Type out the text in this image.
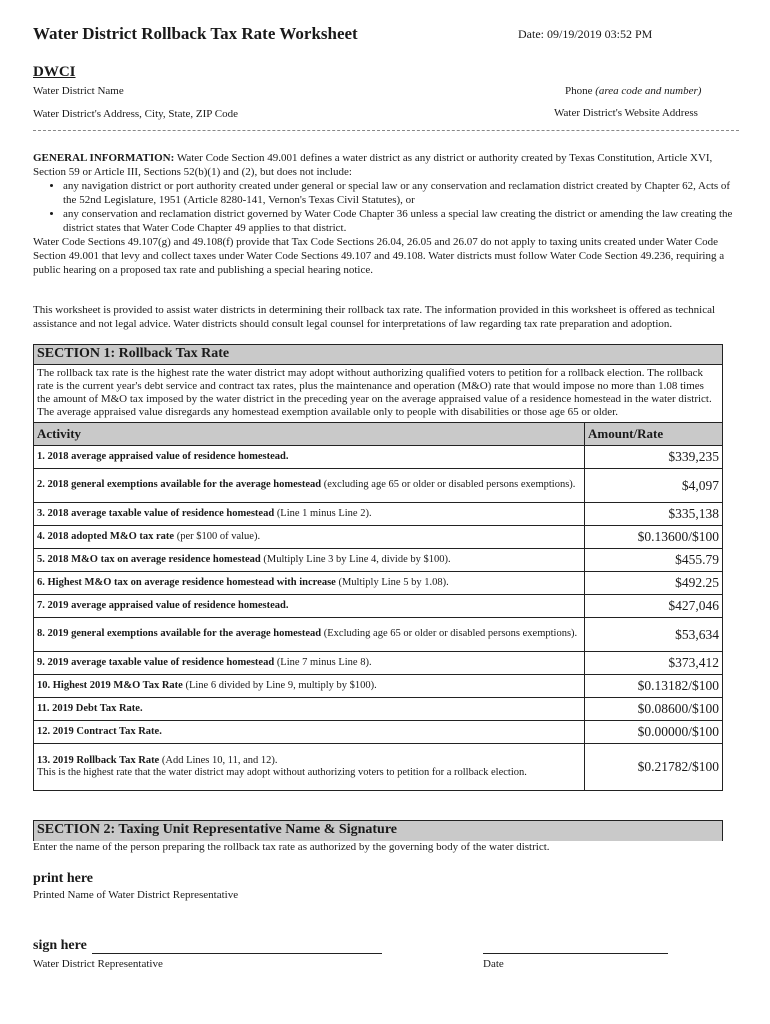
Water District Rollback Tax Rate Worksheet	Date: 09/19/2019 03:52 PM
DWCI
Water District Name	Phone (area code and number)
Water District's Address, City, State, ZIP Code	Water District's Website Address

GENERAL INFORMATION: Water Code Section 49.001 defines a water district as any district or authority created by Texas Constitution, Article XVI, Section 59 or Article III, Sections 52(b)(1) and (2), but does not include:

• any navigation district or port authority created under general or special law or any conservation and reclamation district created by Chapter 62, Acts of the 52nd Legislature, 1951 (Article 8280-141, Vernon's Texas Civil Statutes), or
• any conservation and reclamation district governed by Water Code Chapter 36 unless a special law creating the district or amending the law creating the district states that Water Code Chapter 49 applies to that district.

Water Code Sections 49.107(g) and 49.108(f) provide that Tax Code Sections 26.04, 26.05 and 26.07 do not apply to taxing units created under Water Code Section 49.001 that levy and collect taxes under Water Code Sections 49.107 and 49.108. Water districts must follow Water Code Section 49.236, requiring a public hearing on a proposed tax rate and publishing a special hearing notice.

This worksheet is provided to assist water districts in determining their rollback tax rate. The information provided in this worksheet is offered as technical assistance and not legal advice. Water districts should consult legal counsel for interpretations of law regarding tax rate preparation and adoption.
SECTION 1: Rollback Tax Rate
The rollback tax rate is the highest rate the water district may adopt without authorizing qualified voters to petition for a rollback election. The rollback rate is the current year's debt service and contract tax rates, plus the maintenance and operation (M&O) rate that would impose no more than 1.08 times the amount of M&O tax imposed by the water district in the preceding year on the average appraised value of a residence homestead in the water district. The average appraised value disregards any homestead exemption available only to people with disabilities or those age 65 or older.
Activity	Amount/Rate
1. 2018 average appraised value of residence homestead.	$339,235
2. 2018 general exemptions available for the average homestead (excluding age 65 or older or disabled persons exemptions).	$4,097
3. 2018 average taxable value of residence homestead (Line 1 minus Line 2).	$335,138
4. 2018 adopted M&O tax rate (per $100 of value).	$0.13600/$100
5. 2018 M&O tax on average residence homestead (Multiply Line 3 by Line 4, divide by $100).	$455.79
6. Highest M&O tax on average residence homestead with increase (Multiply Line 5 by 1.08).	$492.25
7. 2019 average appraised value of residence homestead.	$427,046
8. 2019 general exemptions available for the average homestead (Excluding age 65 or older or disabled persons exemptions).	$53,634
9. 2019 average taxable value of residence homestead (Line 7 minus Line 8).	$373,412
10. Highest 2019 M&O Tax Rate (Line 6 divided by Line 9, multiply by $100).	$0.13182/$100
11. 2019 Debt Tax Rate.	$0.08600/$100
12. 2019 Contract Tax Rate.	$0.00000/$100
13. 2019 Rollback Tax Rate (Add Lines 10, 11, and 12).
This is the highest rate that the water district may adopt without authorizing voters to petition for a rollback election.	$0.21782/$100
SECTION 2: Taxing Unit Representative Name & Signature
Enter the name of the person preparing the rollback tax rate as authorized by the governing body of the water district.
print here
Printed Name of Water District Representative
sign here
Water District Representative	Date
